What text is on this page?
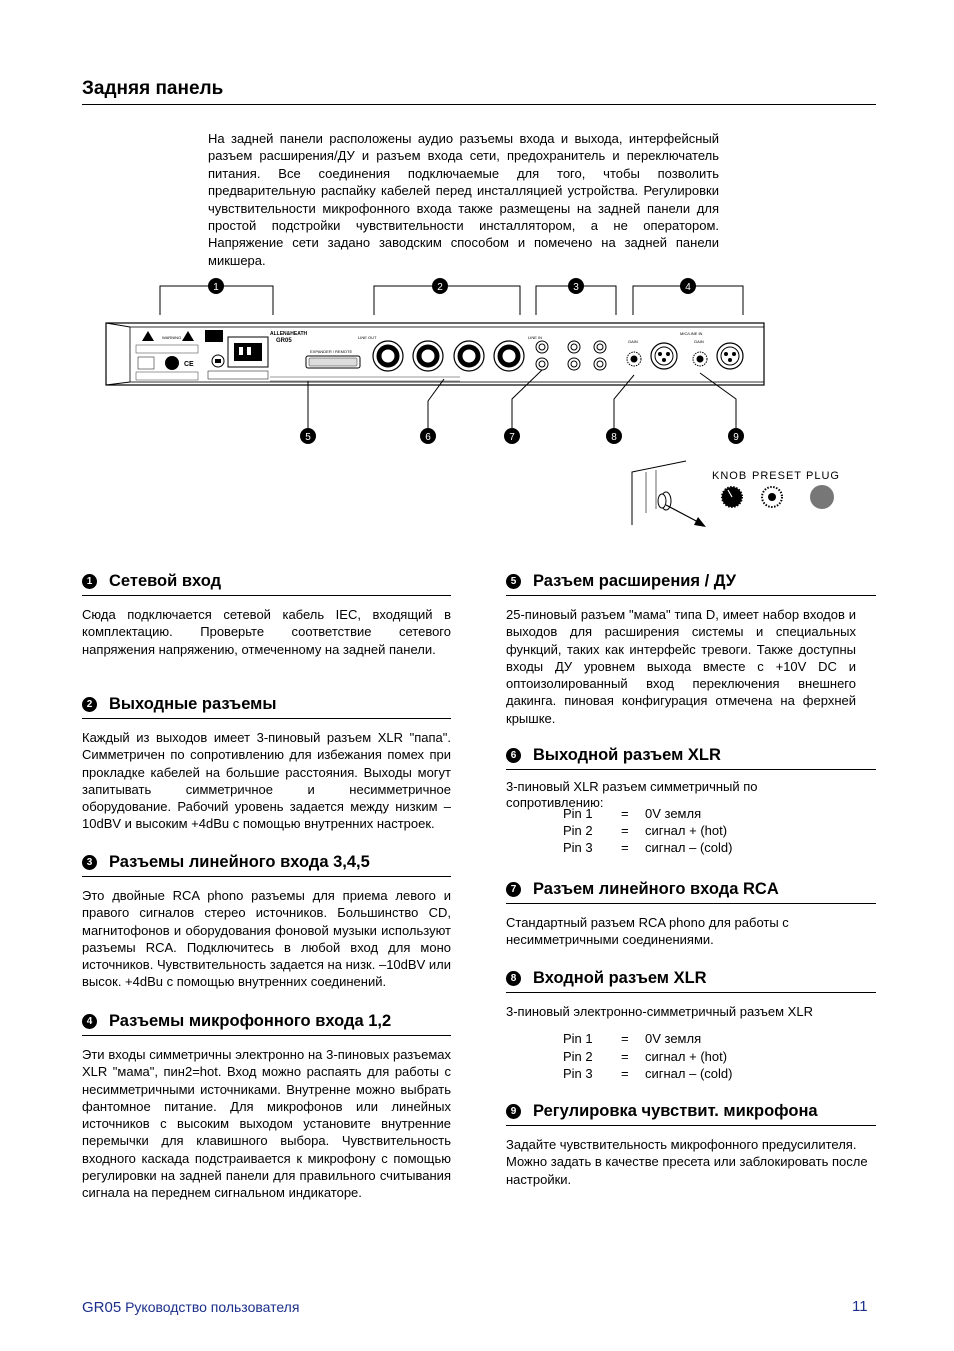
Задняя панель
На задней панели расположены аудио разъемы входа и выхода, интерфейсный разъем расширения/ДУ и разъем входа сети, предохранитель и переключатель питания. Все соединения подключаемые для того, чтобы позволить предварительную распайку кабелей перед инсталляцией устройства. Регулировки чувствительности микрофонного входа также размещены на задней панели для простой подстройки чувствительности инсталлятором, а не оператором. Напряжение сети задано заводским способом и помечено на задней панели микшера.
1	2	3	4
WARNING
CE
ALLEN&HEATH
GR05
EXPANDER / REMOTE
LINE OUT	LINE IN
MIC/LINE IN
GAIN	GAIN
5	6	7	8	9
KNOB PRESET PLUG
1 Сетевой вход
Сюда подключается сетевой кабель IEC, входящий в комплектацию. Проверьте соответствие сетевого напряжения напряжению, отмеченному на задней панели.
2 Выходные разъемы
Каждый из выходов имеет 3-пиновый разъем XLR "папа". Симметричен по сопротивлению для избежания помех при прокладке кабелей на большие расстояния. Выходы могут запитывать симметричное и несимметричное оборудование. Рабочий уровень задается между низким –10dBV и высоким +4dBu с помощью внутренних настроек.
3 Разъемы линейного входа 3,4,5
Это двойные RCA phono разъемы для приема левого и правого сигналов стерео источников. Большинство CD, магнитофонов и оборудования фоновой музыки используют разъемы RCA. Подключитесь в любой вход для моно источников. Чувствительность задается на низк. –10dBV или высок. +4dBu с помощью внутренних соединений.
4 Разъемы микрофонного входа 1,2
Эти входы симметричны электронно на 3-пиновых разъемах XLR "мама", пин2=hot. Вход можно распаять для работы с несимметричными источниками. Внутренне можно выбрать фантомное питание. Для микрофонов или линейных источников с высоким выходом установите внутренние перемычки для клавишного выбора. Чувствительность входного каскада подстраивается к микрофону с помощью регулировки на задней панели для правильного считывания сигнала на переднем сигнальном индикаторе.
5 Разъем расширения / ДУ
25-пиновый разъем "мама" типа D, имеет набор входов и выходов для расширения системы и специальных функций, таких как интерфейс тревоги. Также доступны входы ДУ уровнем выхода вместе с +10V DC и оптоизолированный вход переключения внешнего дакинга. пиновая конфигурация отмечена на ферхней крышке.
6 Выходной разъем XLR
3-пиновый XLR разъем симметричный по сопротивлению:
Pin 1	=	0V земля
Pin 2	=	сигнал + (hot)
Pin 3	=	сигнал – (cold)
7 Разъем линейного входа RCA
Стандартный разъем RCA phono для работы с несимметричными соединениями.
8 Входной разъем XLR
3-пиновый электронно-симметричный разъем XLR
Pin 1	=	0V земля
Pin 2	=	сигнал + (hot)
Pin 3	=	сигнал – (cold)
9 Регулировка чувствит. микрофона
Задайте чувствительность микрофонного предусилителя. Можно задать в качестве пресета или заблокировать после настройки.
GR05 Руководство пользователя	11
